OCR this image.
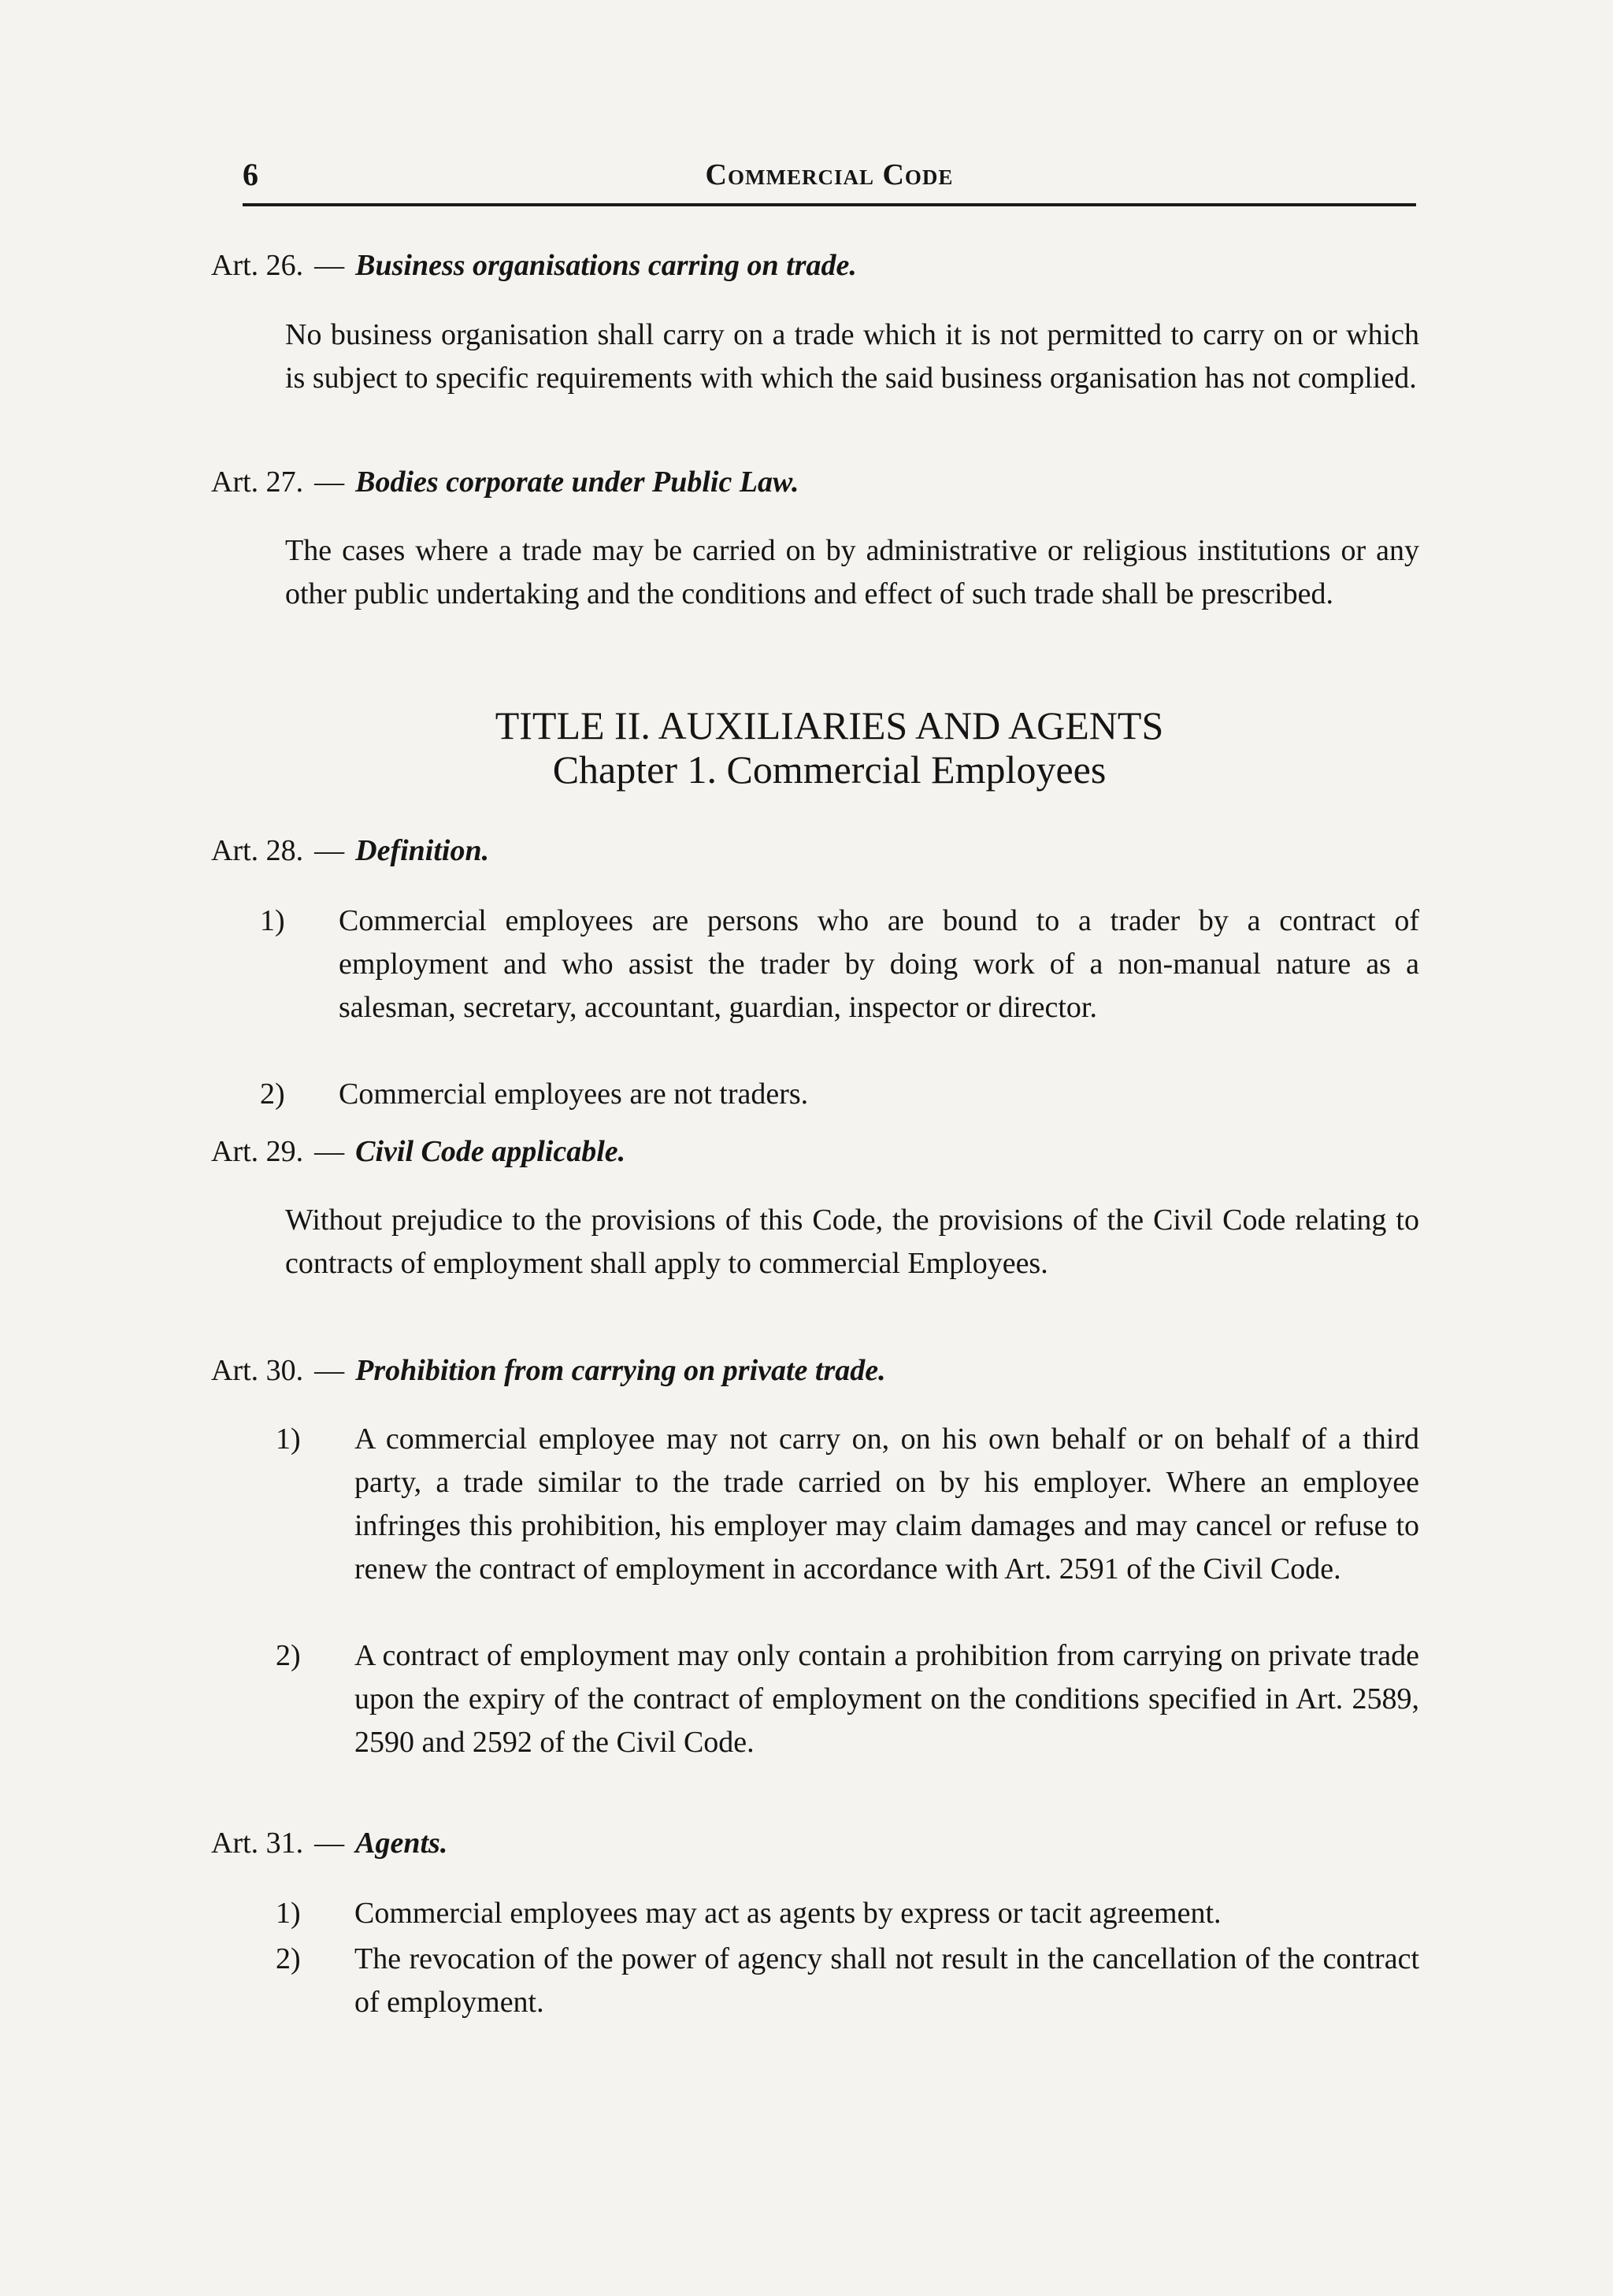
6	Commercial Code
Art. 26. — Business organisations carring on trade.
No business organisation shall carry on a trade which it is not permitted to carry on or which is subject to specific requirements with which the said business organisation has not complied.
Art. 27. — Bodies corporate under Public Law.
The cases where a trade may be carried on by administrative or religious institutions or any other public undertaking and the conditions and effect of such trade shall be prescribed.
TITLE II. AUXILIARIES AND AGENTS
Chapter 1. Commercial Employees
Art. 28. — Definition.
1) Commercial employees are persons who are bound to a trader by a contract of employment and who assist the trader by doing work of a non-manual nature as a salesman, secretary, accountant, guardian, inspector or director.
2) Commercial employees are not traders.
Art. 29. — Civil Code applicable.
Without prejudice to the provisions of this Code, the provisions of the Civil Code relating to contracts of employment shall apply to commercial Employees.
Art. 30. — Prohibition from carrying on private trade.
1) A commercial employee may not carry on, on his own behalf or on behalf of a third party, a trade similar to the trade carried on by his employer. Where an employee infringes this prohibition, his employer may claim damages and may cancel or refuse to renew the contract of employment in accordance with Art. 2591 of the Civil Code.
2) A contract of employment may only contain a prohibition from carrying on private trade upon the expiry of the contract of employment on the conditions specified in Art. 2589, 2590 and 2592 of the Civil Code.
Art. 31. — Agents.
1) Commercial employees may act as agents by express or tacit agreement.
2) The revocation of the power of agency shall not result in the cancellation of the contract of employment.
